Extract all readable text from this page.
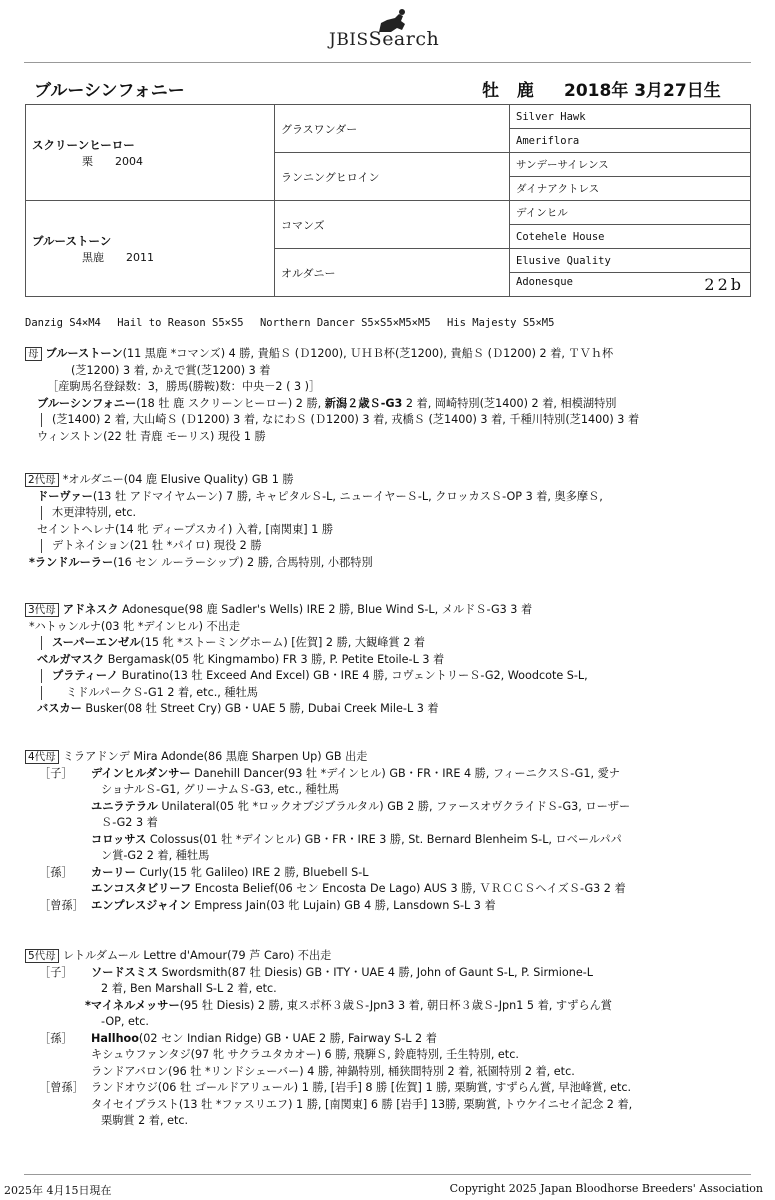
JBISSearch
ブルーシンフォニー	牡 鹿 2018年 3月27日生
スクリーンヒーロー
栗 2004	グラスワンダー	Silver Hawk
		Ameriflora
	ランニングヒロイン	サンデーサイレンス
		ダイナアクトレス

ブルーストーン
黒鹿 2011	コマンズ	デインヒル
		Cotehele House
	オルダニー	Elusive Quality
		Adonesque 22b
Danzig S4×M4 Hail to Reason S5×S5 Northern Dancer S5×S5×M5×M5 His Majesty S5×M5
母 ブルーストーン(11 黒鹿 *コマンズ) 4 勝, 貴船Ｓ (Ｄ1200), ＵＨＢ杯(芝1200), 貴船Ｓ (Ｄ1200) 2 着, ＴＶｈ杯
(芝1200) 3 着, かえで賞(芝1200) 3 着
［産駒馬名登録数：3，勝馬(勝鞍)数：中央－2 ( 3 )］
ブルーシンフォニー(18 牡 鹿 スクリーンヒーロー) 2 勝, 新潟２歳Ｓ-G3 2 着, 岡崎特別(芝1400) 2 着, 相模湖特別
(芝1400) 2 着, 大山崎Ｓ (Ｄ1200) 3 着, なにわＳ (Ｄ1200) 3 着, 戎橋Ｓ (芝1400) 3 着, 千種川特別(芝1400) 3 着
ウィンストン(22 牡 青鹿 モーリス) 現役 1 勝
2代母 *オルダニー(04 鹿 Elusive Quality) GB 1 勝
ドーヴァー(13 牡 アドマイヤムーン) 7 勝, キャピタルＳ-L, ニューイヤーＳ-L, クロッカスＳ-OP 3 着, 奥多摩Ｓ,
木更津特別, etc.
セイントヘレナ(14 牝 ディープスカイ) 入着, [南関東] 1 勝
デトネイション(21 牡 *パイロ) 現役 2 勝
*ランドルーラー(16 セン ルーラーシップ) 2 勝, 合馬特別, 小郡特別
3代母 アドネスク Adonesque(98 鹿 Sadler's Wells) IRE 2 勝, Blue Wind S-L, メルドＳ-G3 3 着
*ハトゥンルナ(03 牝 *デインヒル) 不出走
スーパーエンゼル(15 牝 *ストーミングホーム) [佐賀] 2 勝, 大観峰賞 2 着
ベルガマスク Bergamask(05 牝 Kingmambo) FR 3 勝, P. Petite Etoile-L 3 着
プラティーノ Buratino(13 牡 Exceed And Excel) GB・IRE 4 勝, コヴェントリーＳ-G2, Woodcote S-L,
ミドルパークＳ-G1 2 着, etc., 種牡馬
バスカー Busker(08 牡 Street Cry) GB・UAE 5 勝, Dubai Creek Mile-L 3 着
4代母 ミラアドンデ Mira Adonde(86 黒鹿 Sharpen Up) GB 出走
［子］ デインヒルダンサー Danehill Dancer(93 牡 *デインヒル) GB・FR・IRE 4 勝, フィーニクスＳ-G1, 愛ナ
ショナルＳ-G1, グリーナムＳ-G3, etc., 種牡馬
ユニラテラル Unilateral(05 牝 *ロックオブジブラルタル) GB 2 勝, ファースオヴクライドＳ-G3, ローザー
Ｓ-G2 3 着
コロッサス Colossus(01 牡 *デインヒル) GB・FR・IRE 3 勝, St. Bernard Blenheim S-L, ロベールパパ
ン賞-G2 2 着, 種牡馬
［孫］ カーリー Curly(15 牝 Galileo) IRE 2 勝, Bluebell S-L
エンコスタビリーフ Encosta Belief(06 セン Encosta De Lago) AUS 3 勝, ＶＲＣＣＳヘイズＳ-G3 2 着
［曾孫］ エンプレスジャイン Empress Jain(03 牝 Lujain) GB 4 勝, Lansdown S-L 3 着
5代母 レトルダムール Lettre d'Amour(79 芦 Caro) 不出走
［子］ ソードスミス Swordsmith(87 牡 Diesis) GB・ITY・UAE 4 勝, John of Gaunt S-L, P. Sirmione-L
2 着, Ben Marshall S-L 2 着, etc.
*マイネルメッサー(95 牡 Diesis) 2 勝, 東スポ杯３歳Ｓ-Jpn3 3 着, 朝日杯３歳Ｓ-Jpn1 5 着, すずらん賞
-OP, etc.
［孫］ Hallhoo(02 セン Indian Ridge) GB・UAE 2 勝, Fairway S-L 2 着
キシュウファンタジ(97 牝 サクラユタカオー) 6 勝, 飛騨Ｓ, 鈴鹿特別, 壬生特別, etc.
ランドアバロン(96 牡 *リンドシェーバー) 4 勝, 神鍋特別, 桶狭間特別 2 着, 祇園特別 2 着, etc.
［曾孫］ ランドオウジ(06 牡 ゴールドアリュール) 1 勝, [岩手] 8 勝 [佐賀] 1 勝, 栗駒賞, すずらん賞, 早池峰賞, etc.
タイセイブラスト(13 牡 *ファスリエフ) 1 勝, [南関東] 6 勝 [岩手] 13勝, 栗駒賞, トウケイニセイ記念 2 着,
栗駒賞 2 着, etc.
2025年 4月15日現在	Copyright 2025 Japan Bloodhorse Breeders' Association
